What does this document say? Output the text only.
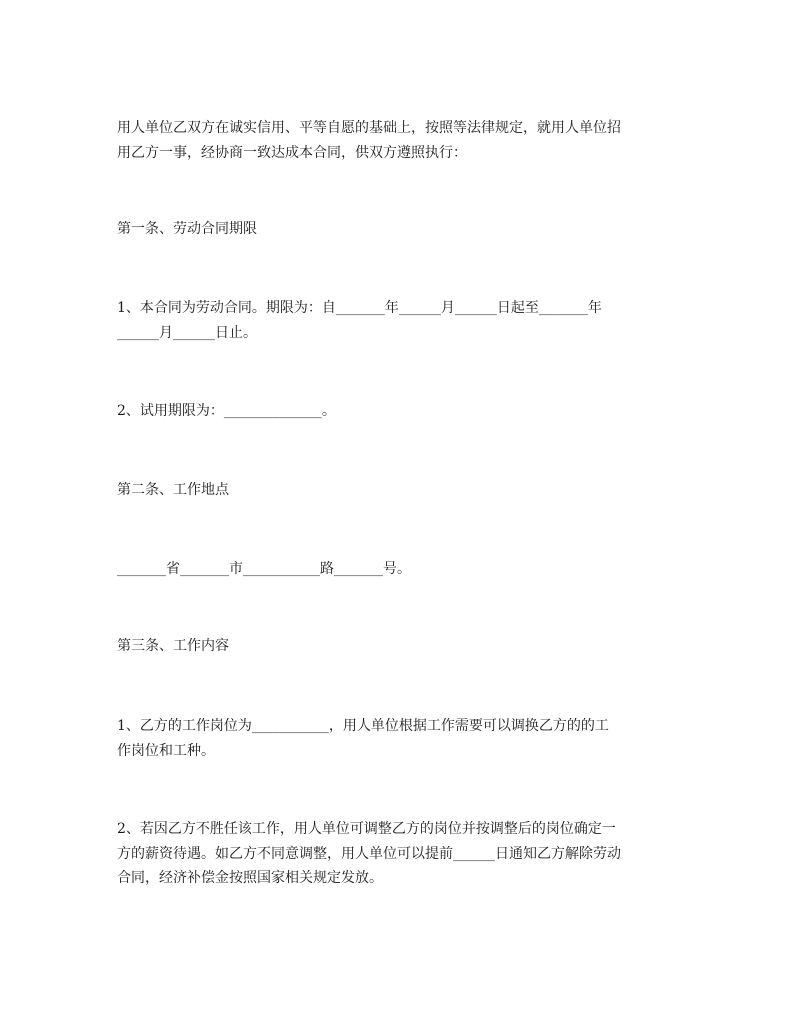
用人单位乙双方在诚实信用、平等自愿的基础上，按照等法律规定，就用人单位招
用乙方一事，经协商一致达成本合同，供双方遵照执行：
第一条、劳动合同期限
1、本合同为劳动合同。期限为：自_______年______月______日起至_______年
______月______日止。
2、试用期限为：______________。
第二条、工作地点
_______省_______市___________路_______号。
第三条、工作内容
1、乙方的工作岗位为___________，用人单位根据工作需要可以调换乙方的的工
作岗位和工种。
2、若因乙方不胜任该工作，用人单位可调整乙方的岗位并按调整后的岗位确定一
方的薪资待遇。如乙方不同意调整，用人单位可以提前______日通知乙方解除劳动
合同，经济补偿金按照国家相关规定发放。
